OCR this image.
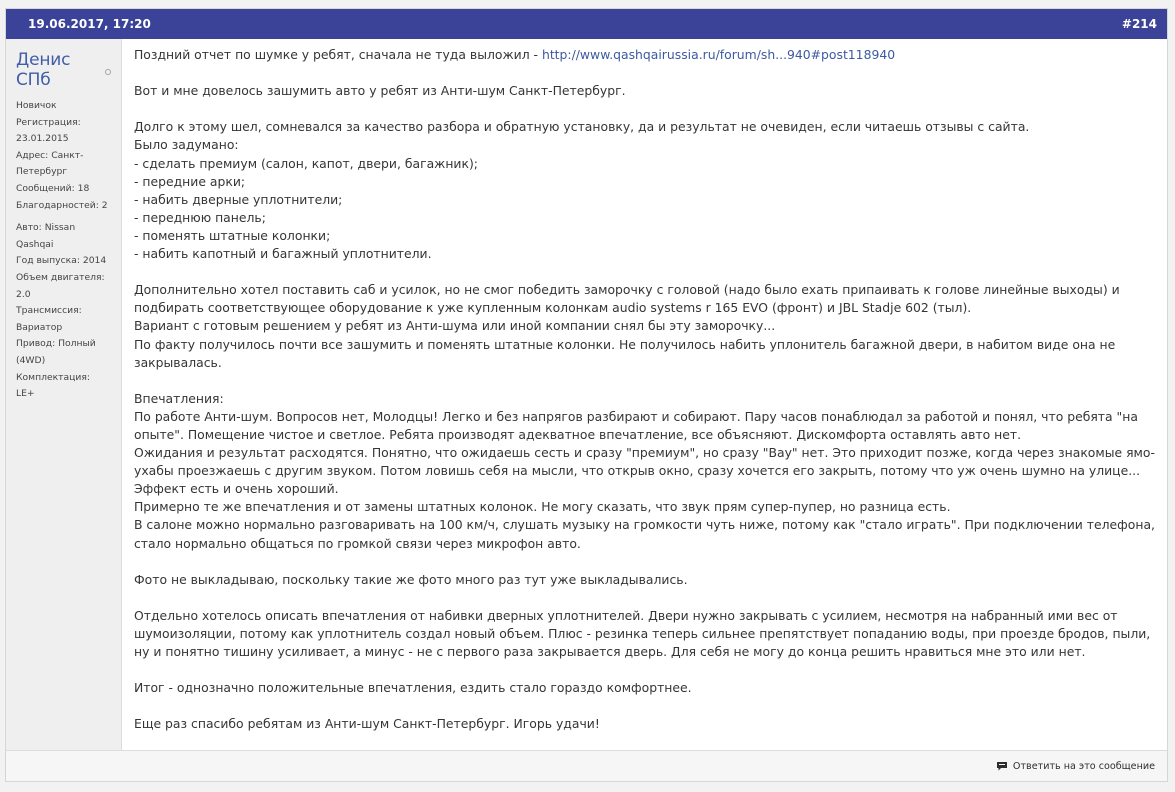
19.06.2017, 17:20	#214
Денис СПб
Новичок
Регистрация: 23.01.2015
Адрес: Санкт-Петербург
Сообщений: 18
Благодарностей: 2
Авто: Nissan Qashqai
Год выпуска: 2014
Объем двигателя: 2.0
Трансмиссия: Вариатор
Привод: Полный (4WD)
Комплектация: LE+

Поздний отчет по шумке у ребят, сначала не туда выложил - http://www.qashqairussia.ru/forum/sh...940#post118940

Вот и мне довелось зашумить авто у ребят из Анти-шум Санкт-Петербург.

Долго к этому шел, сомневался за качество разбора и обратную установку, да и результат не очевиден, если читаешь отзывы с сайта.

Было задумано:

- сделать премиум (салон, капот, двери, багажник);

- передние арки;

- набить дверные уплотнители;

- переднюю панель;

- поменять штатные колонки;

- набить капотный и багажный уплотнители.

Дополнительно хотел поставить саб и усилок, но не смог победить заморочку с головой (надо было ехать припаивать к голове линейные выходы) и

подбирать соответствующее оборудование к уже купленным колонкам audio systems r 165 EVO (фронт) и JBL Stadje 602 (тыл).

Вариант с готовым решением у ребят из Анти-шума или иной компании снял бы эту заморочку...

По факту получилось почти все зашумить и поменять штатные колонки. Не получилось набить уплонитель багажной двери, в набитом виде она не

закрывалась.

Впечатления:

По работе Анти-шум. Вопросов нет, Молодцы! Легко и без напрягов разбирают и собирают. Пару часов понаблюдал за работой и понял, что ребята "на

опыте". Помещение чистое и светлое. Ребята производят адекватное впечатление, все объясняют. Дискомфорта оставлять авто нет.

Ожидания и результат расходятся. Понятно, что ожидаешь сесть и сразу "премиум", но сразу "Вау" нет. Это приходит позже, когда через знакомые ямо-

ухабы проезжаешь с другим звуком. Потом ловишь себя на мысли, что открыв окно, сразу хочется его закрыть, потому что уж очень шумно на улице...

Эффект есть и очень хороший.

Примерно те же впечатления и от замены штатных колонок. Не могу сказать, что звук прям супер-пупер, но разница есть.

В салоне можно нормально разговаривать на 100 км/ч, слушать музыку на громкости чуть ниже, потому как "стало играть". При подключении телефона,

стало нормально общаться по громкой связи через микрофон авто.

Фото не выкладываю, поскольку такие же фото много раз тут уже выкладывались.

Отдельно хотелось описать впечатления от набивки дверных уплотнителей. Двери нужно закрывать с усилием, несмотря на набранный ими вес от

шумоизоляции, потому как уплотнитель создал новый объем. Плюс - резинка теперь сильнее препятствует попаданию воды, при проезде бродов, пыли,

ну и понятно тишину усиливает, а минус - не с первого раза закрывается дверь. Для себя не могу до конца решить нравиться мне это или нет.

Итог - однозначно положительные впечатления, ездить стало гораздо комфортнее.

Еще раз спасибо ребятам из Анти-шум Санкт-Петербург. Игорь удачи!

Ответить на это сообщение
